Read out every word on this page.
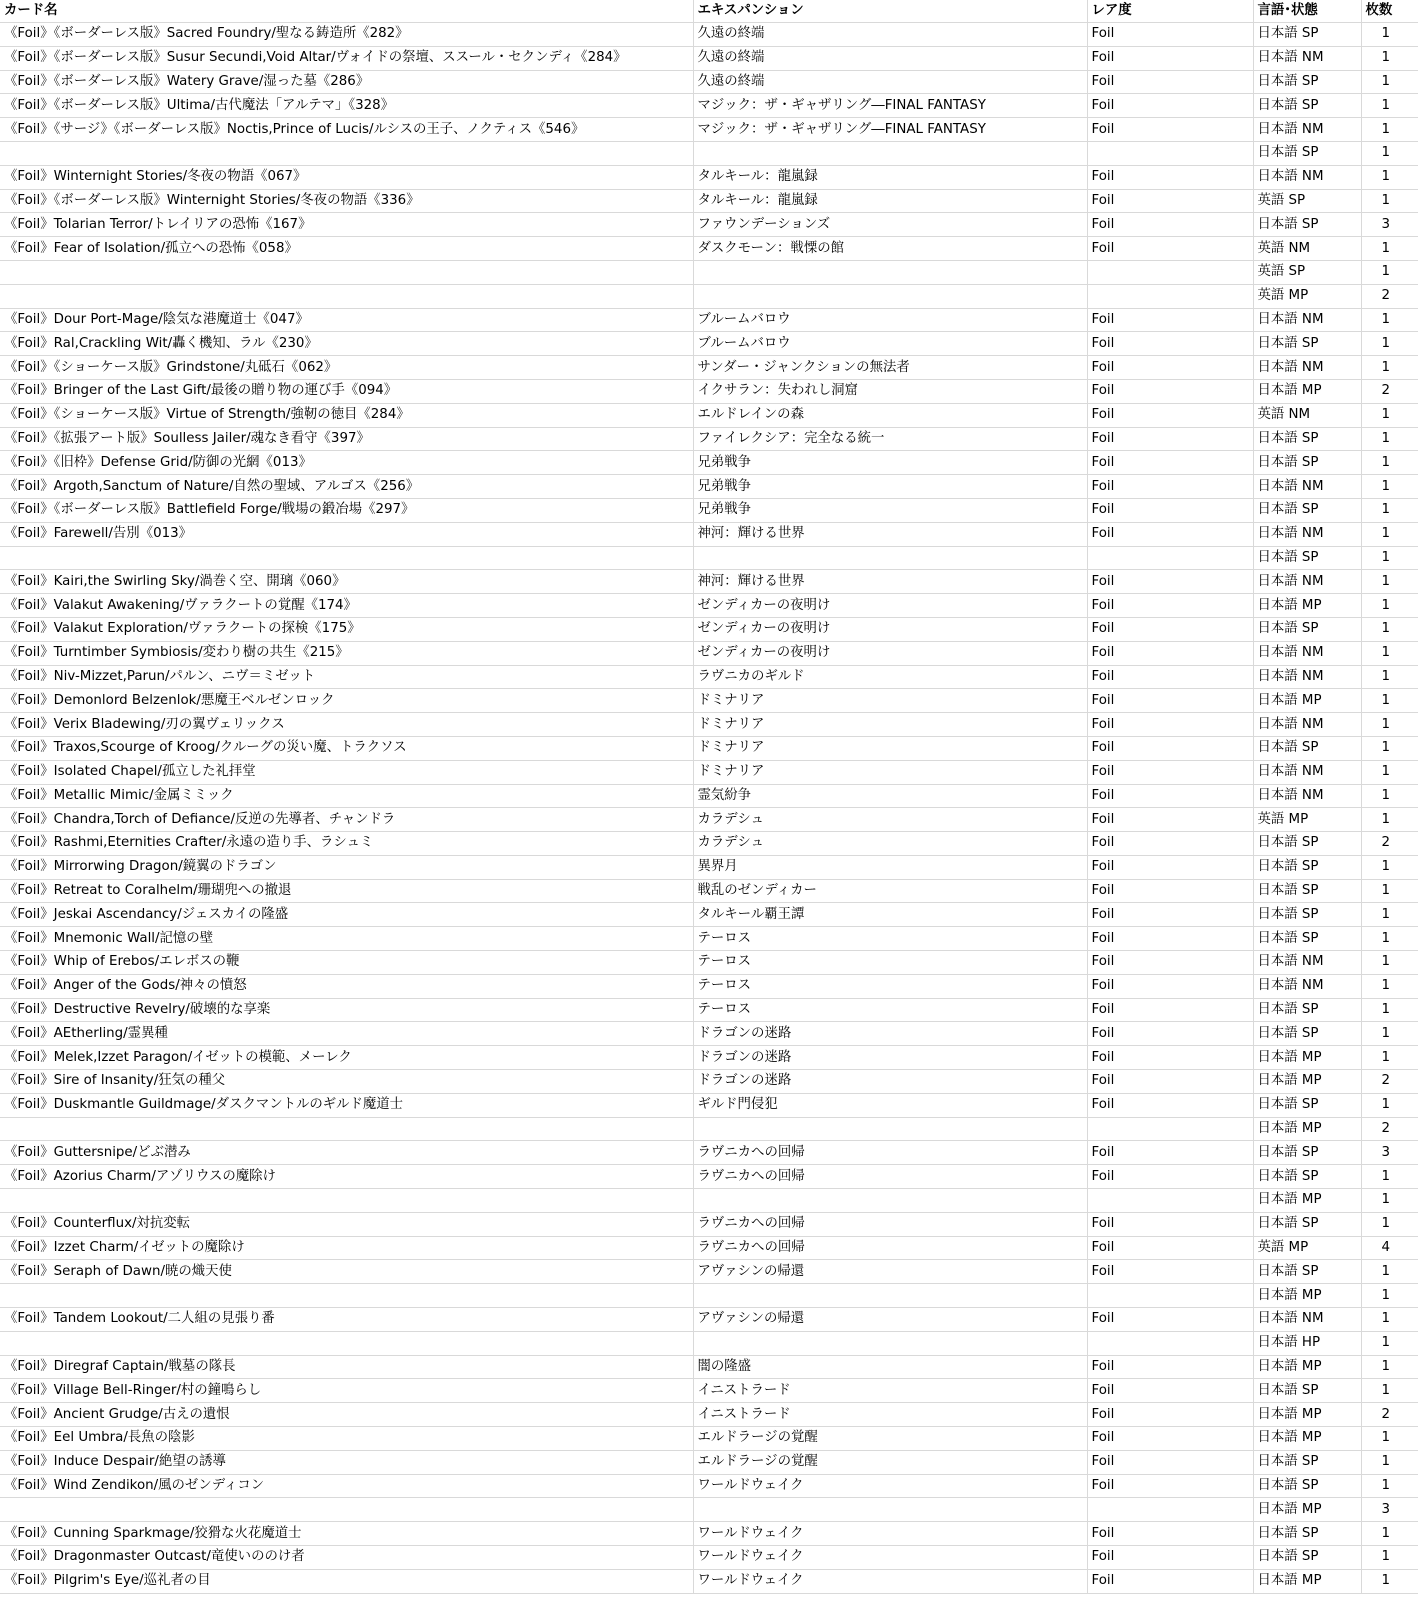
カード名	エキスパンション	レア度	言語･状態	枚数
《Foil》《ボーダーレス版》Sacred Foundry/聖なる鋳造所《282》	久遠の終端	Foil	日本語 SP	1
《Foil》《ボーダーレス版》Susur Secundi,Void Altar/ヴォイドの祭壇、ススール・セクンディ《284》	久遠の終端	Foil	日本語 NM	1
《Foil》《ボーダーレス版》Watery Grave/湿った墓《286》	久遠の終端	Foil	日本語 SP	1
《Foil》《ボーダーレス版》Ultima/古代魔法「アルテマ」《328》	マジック：ザ・ギャザリング―FINAL FANTASY	Foil	日本語 SP	1
《Foil》《サージ》《ボーダーレス版》Noctis,Prince of Lucis/ルシスの王子、ノクティス《546》	マジック：ザ・ギャザリング―FINAL FANTASY	Foil	日本語 NM	1
			日本語 SP	1
《Foil》Winternight Stories/冬夜の物語《067》	タルキール：龍嵐録	Foil	日本語 NM	1
《Foil》《ボーダーレス版》Winternight Stories/冬夜の物語《336》	タルキール：龍嵐録	Foil	英語 SP	1
《Foil》Tolarian Terror/トレイリアの恐怖《167》	ファウンデーションズ	Foil	日本語 SP	3
《Foil》Fear of Isolation/孤立への恐怖《058》	ダスクモーン：戦慄の館	Foil	英語 NM	1
			英語 SP	1
			英語 MP	2
《Foil》Dour Port-Mage/陰気な港魔道士《047》	ブルームバロウ	Foil	日本語 NM	1
《Foil》Ral,Crackling Wit/轟く機知、ラル《230》	ブルームバロウ	Foil	日本語 SP	1
《Foil》《ショーケース版》Grindstone/丸砥石《062》	サンダー・ジャンクションの無法者	Foil	日本語 NM	1
《Foil》Bringer of the Last Gift/最後の贈り物の運び手《094》	イクサラン：失われし洞窟	Foil	日本語 MP	2
《Foil》《ショーケース版》Virtue of Strength/強靭の徳目《284》	エルドレインの森	Foil	英語 NM	1
《Foil》《拡張アート版》Soulless Jailer/魂なき看守《397》	ファイレクシア：完全なる統一	Foil	日本語 SP	1
《Foil》《旧枠》Defense Grid/防御の光網《013》	兄弟戦争	Foil	日本語 SP	1
《Foil》Argoth,Sanctum of Nature/自然の聖域、アルゴス《256》	兄弟戦争	Foil	日本語 NM	1
《Foil》《ボーダーレス版》Battlefield Forge/戦場の鍛冶場《297》	兄弟戦争	Foil	日本語 SP	1
《Foil》Farewell/告別《013》	神河：輝ける世界	Foil	日本語 NM	1
			日本語 SP	1
《Foil》Kairi,the Swirling Sky/渦巻く空、開璃《060》	神河：輝ける世界	Foil	日本語 NM	1
《Foil》Valakut Awakening/ヴァラクートの覚醒《174》	ゼンディカーの夜明け	Foil	日本語 MP	1
《Foil》Valakut Exploration/ヴァラクートの探検《175》	ゼンディカーの夜明け	Foil	日本語 SP	1
《Foil》Turntimber Symbiosis/変わり樹の共生《215》	ゼンディカーの夜明け	Foil	日本語 NM	1
《Foil》Niv-Mizzet,Parun/パルン、ニヴ＝ミゼット	ラヴニカのギルド	Foil	日本語 NM	1
《Foil》Demonlord Belzenlok/悪魔王ベルゼンロック	ドミナリア	Foil	日本語 MP	1
《Foil》Verix Bladewing/刃の翼ヴェリックス	ドミナリア	Foil	日本語 NM	1
《Foil》Traxos,Scourge of Kroog/クルーグの災い魔、トラクソス	ドミナリア	Foil	日本語 SP	1
《Foil》Isolated Chapel/孤立した礼拝堂	ドミナリア	Foil	日本語 NM	1
《Foil》Metallic Mimic/金属ミミック	霊気紛争	Foil	日本語 NM	1
《Foil》Chandra,Torch of Defiance/反逆の先導者、チャンドラ	カラデシュ	Foil	英語 MP	1
《Foil》Rashmi,Eternities Crafter/永遠の造り手、ラシュミ	カラデシュ	Foil	日本語 SP	2
《Foil》Mirrorwing Dragon/鏡翼のドラゴン	異界月	Foil	日本語 SP	1
《Foil》Retreat to Coralhelm/珊瑚兜への撤退	戦乱のゼンディカー	Foil	日本語 SP	1
《Foil》Jeskai Ascendancy/ジェスカイの隆盛	タルキール覇王譚	Foil	日本語 SP	1
《Foil》Mnemonic Wall/記憶の壁	テーロス	Foil	日本語 SP	1
《Foil》Whip of Erebos/エレボスの鞭	テーロス	Foil	日本語 NM	1
《Foil》Anger of the Gods/神々の憤怒	テーロス	Foil	日本語 NM	1
《Foil》Destructive Revelry/破壊的な享楽	テーロス	Foil	日本語 SP	1
《Foil》AEtherling/霊異種	ドラゴンの迷路	Foil	日本語 SP	1
《Foil》Melek,Izzet Paragon/イゼットの模範、メーレク	ドラゴンの迷路	Foil	日本語 MP	1
《Foil》Sire of Insanity/狂気の種父	ドラゴンの迷路	Foil	日本語 MP	2
《Foil》Duskmantle Guildmage/ダスクマントルのギルド魔道士	ギルド門侵犯	Foil	日本語 SP	1
			日本語 MP	2
《Foil》Guttersnipe/どぶ潜み	ラヴニカへの回帰	Foil	日本語 SP	3
《Foil》Azorius Charm/アゾリウスの魔除け	ラヴニカへの回帰	Foil	日本語 SP	1
			日本語 MP	1
《Foil》Counterflux/対抗変転	ラヴニカへの回帰	Foil	日本語 SP	1
《Foil》Izzet Charm/イゼットの魔除け	ラヴニカへの回帰	Foil	英語 MP	4
《Foil》Seraph of Dawn/暁の熾天使	アヴァシンの帰還	Foil	日本語 SP	1
			日本語 MP	1
《Foil》Tandem Lookout/二人組の見張り番	アヴァシンの帰還	Foil	日本語 NM	1
			日本語 HP	1
《Foil》Diregraf Captain/戦墓の隊長	闇の隆盛	Foil	日本語 MP	1
《Foil》Village Bell-Ringer/村の鐘鳴らし	イニストラード	Foil	日本語 SP	1
《Foil》Ancient Grudge/古えの遺恨	イニストラード	Foil	日本語 MP	2
《Foil》Eel Umbra/長魚の陰影	エルドラージの覚醒	Foil	日本語 MP	1
《Foil》Induce Despair/絶望の誘導	エルドラージの覚醒	Foil	日本語 SP	1
《Foil》Wind Zendikon/風のゼンディコン	ワールドウェイク	Foil	日本語 SP	1
			日本語 MP	3
《Foil》Cunning Sparkmage/狡猾な火花魔道士	ワールドウェイク	Foil	日本語 SP	1
《Foil》Dragonmaster Outcast/竜使いののけ者	ワールドウェイク	Foil	日本語 SP	1
《Foil》Pilgrim's Eye/巡礼者の目	ワールドウェイク	Foil	日本語 MP	1
